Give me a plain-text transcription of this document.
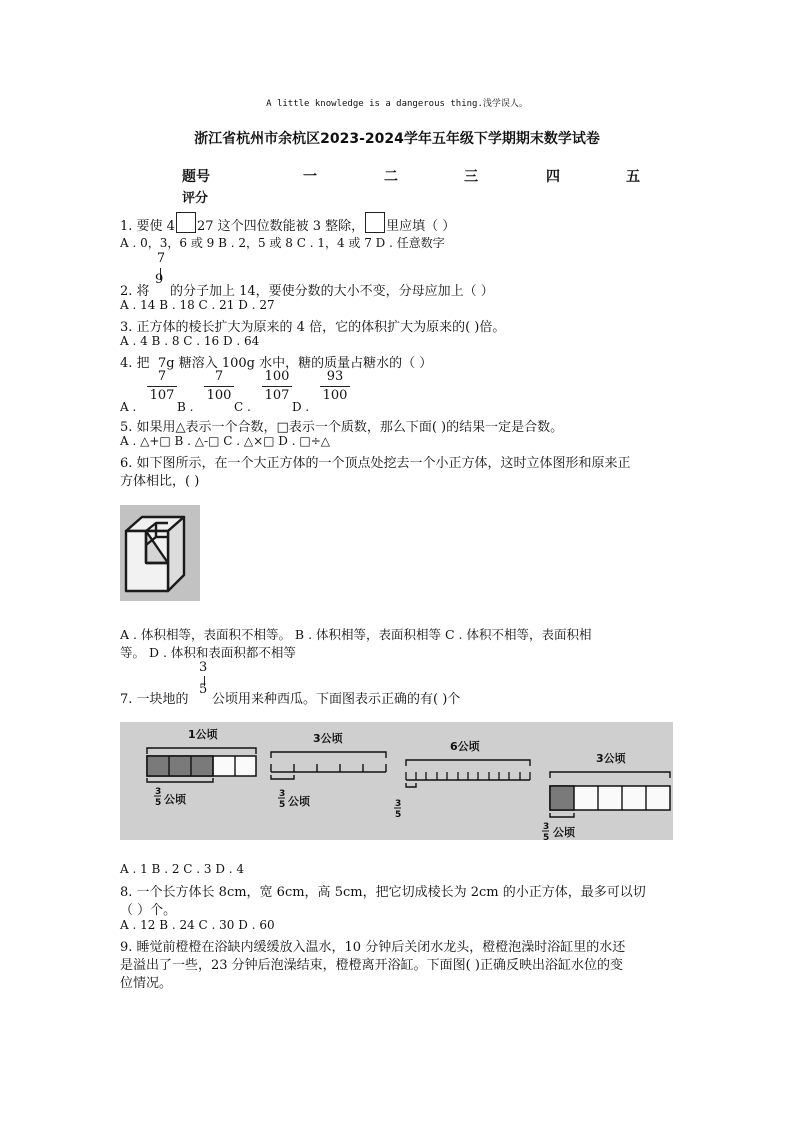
A little knowledge is a dangerous thing.浅学误人。
浙江省杭州市余杭区2023-2024学年五年级下学期期末数学试卷
题号	一	二	三	四	五
评分
1. 要使 4 27 这个四位数能被 3 整除， 里应填（ ）
A . 0，3，6 或 9 B . 2，5 或 8 C . 1，4 或 7 D . 任意数字
7
9
2. 将 的分子加上 14，要使分数的大小不变，分母应加上（ ）
A . 14 B . 18 C . 21 D . 27
3. 正方体的棱长扩大为原来的 4 倍，它的体积扩大为原来的( )倍。
A . 4 B . 8 C . 16 D . 64
4. 把 7g 糖溶入 100g 水中，糖的质量占糖水的（ ）
A .
$\frac{7}{107}$
B .
$\frac{7}{100}$
C .
$\frac{100}{107}$
D .
$\frac{93}{100}$
5. 如果用△表示一个合数，□表示一个质数，那么下面( )的结果一定是合数。
A . △+□ B . △-□ C . △×□ D . □÷△
6. 如下图所示，在一个大正方体的一个顶点处挖去一个小正方体，这时立体图形和原来正
方体相比，( )
A . 体积相等，表面积不相等。 B . 体积相等，表面积相等 C . 体积不相等，表面积相
等。 D . 体积和表面积都不相等
3
5
7. 一块地的 公顷用来种西瓜。下面图表示正确的有( )个
1公顷
3
5 公顷
3公顷
3
5 公顷
6公顷
3
5
3公顷
3
5 公顷
A . 1 B . 2 C . 3 D . 4
8. 一个长方体长 8cm，宽 6cm，高 5cm，把它切成棱长为 2cm 的小正方体，最多可以切
（ ）个。
A . 12 B . 24 C . 30 D . 60
9. 睡觉前橙橙在浴缺内缓缓放入温水，10 分钟后关闭水龙头，橙橙泡澡时浴缸里的水还
是溢出了一些，23 分钟后泡澡结束，橙橙离开浴缸。下面图( )正确反映出浴缸水位的变
位情况。
